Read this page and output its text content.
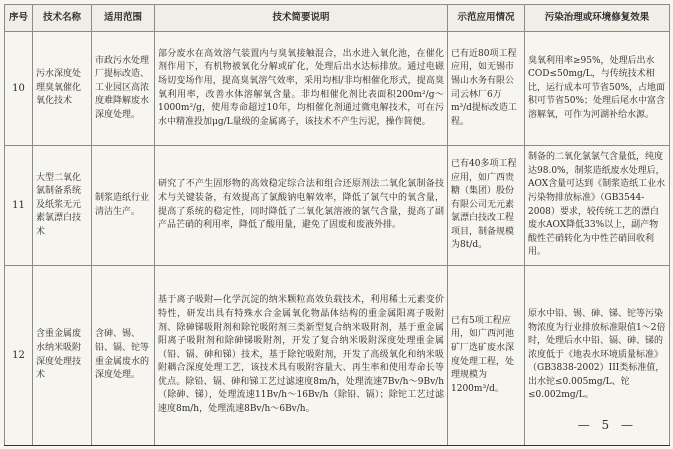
序号	技术名称	适用范围	技术简要说明	示范应用情况	污染治理或环境修复效果
10	污水深度处理臭氧催化氧化技术	市政污水处理厂提标改造、工业园区高浓度难降解废水深度处理。	部分废水在高效溶气装置内与臭氧接触混合，出水进入氧化池，在催化剂作用下，有机物被氧化分解或矿化，处理后出水达标排放。通过电磁场切变场作用，提高臭氧溶气效率，采用均相/非均相催化形式，提高臭氧利用率，改善水体溶解氧含量。非均相催化剂比表面积200m²/g～1000m²/g，使用寿命超过10年，均相催化剂通过微电解技术，可在污水中精准投加μg/L量级的金属离子，该技术不产生污泥，操作简便。	已有近80项工程应用，如无锡市锡山水务有限公司云林厂6万m³/d提标改造工程。	臭氧利用率≥95%，处理后出水COD≤50mg/L，与传统技术相比，运行成本可节省50%，占地面积可节省50%；处理后尾水中富含溶解氧，可作为河湖补给水源。
11	大型二氧化氯制备系统及纸浆无元素氯漂白技术	制浆造纸行业清洁生产。	研究了不产生固形物的高效稳定综合法和组合还原剂法二氧化氯制备技术与关键装备，有效提高了氯酸钠电解效率，降低了氯气中的氧含量，提高了系统的稳定性，同时降低了二氧化氯溶液的氯气含量，提高了副产品芒硝的利用率，降低了酸用量，避免了固废和废液外排。	已有40多项工程应用，如广西贵糖（集团）股份有限公司无元素氯漂白技改工程项目，制备规模为8t/d。	制备的二氧化氯氯气含量低，纯度达98.0%，制浆造纸废水处理后，AOX含量可达到《制浆造纸工业水污染物排放标准》（GB3544-2008）要求，较传统工艺的漂白废水AOX降低33%以上，副产物酸性芒硝转化为中性芒硝回收利用。
12	含重金属废水纳米吸附深度处理技术	含砷、锡、铅、镉、铊等重金属废水的深度处理。	基于离子吸附—化学沉淀的纳米颗粒高效负载技术，利用稀土元素变价特性，研发出具有特殊水合金属氧化物晶体结构的重金属阳离子吸附剂、除砷锑吸附剂和除铊吸附剂三类新型复合纳米吸附剂，基于重金属阳离子吸附剂和除砷锑吸附剂，开发了复合纳米吸附深度处理重金属（铅、镉、砷和锑）技术，基于除铊吸附剂，开发了高级氧化和纳米吸附耦合深度处理工艺，该技术具有吸附容量大、再生率和使用寿命长等优点。除铅、镉、砷和锑工艺过滤速度8m/h，处理流速7Bv/h～9Bv/h（除砷、锑），处理流速11Bv/h～16Bv/h（除铅、镉）；除铊工艺过滤速度8m/h，处理流速8Bv/h～6Bv/h。	已有5项工程应用，如广西河池矿厂选矿废水深度处理工程，处理规模为1200m³/d。	原水中铅、锡、砷、锑、铊等污染物浓度为行业排放标准限值1～2倍时，处理后水中铅、镉、砷、锑的浓度低于《地表水环境质量标准》（GB3838-2002）III类标准值，出水铊≤0.005mg/L、铊≤0.002mg/L。
— 5 —
